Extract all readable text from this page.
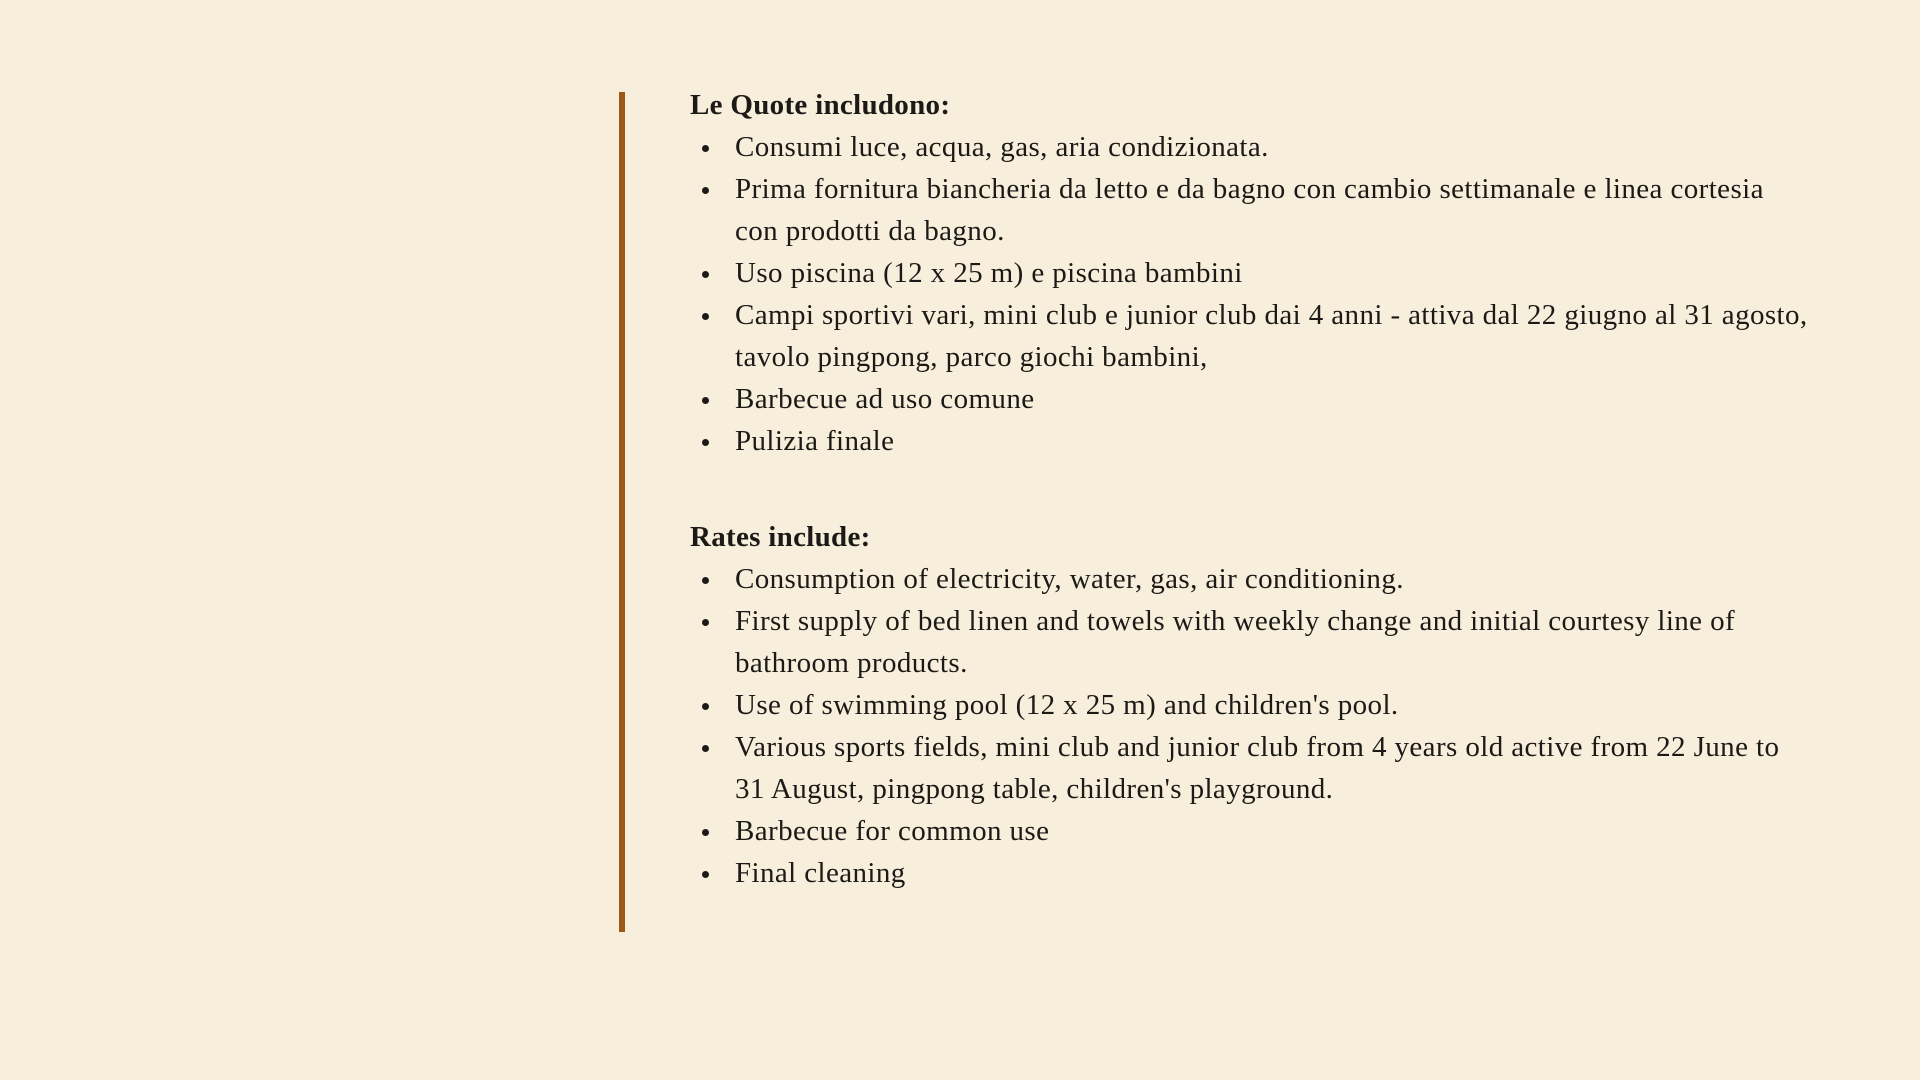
Le Quote includono:

Consumi luce, acqua, gas, aria condizionata.
Prima fornitura biancheria da letto e da bagno con cambio settimanale e linea cortesia con prodotti da bagno.
Uso piscina (12 x 25 m) e piscina bambini
Campi sportivi vari, mini club e junior club dai 4 anni - attiva dal 22 giugno al 31 agosto, tavolo pingpong, parco giochi bambini,
Barbecue ad uso comune
Pulizia finale

Rates include:

Consumption of electricity, water, gas, air conditioning.
First supply of bed linen and towels with weekly change and initial courtesy line of bathroom products.
Use of swimming pool (12 x 25 m) and children's pool.
Various sports fields, mini club and junior club from 4 years old active from 22 June to 31 August, pingpong table, children's playground.
Barbecue for common use
Final cleaning
